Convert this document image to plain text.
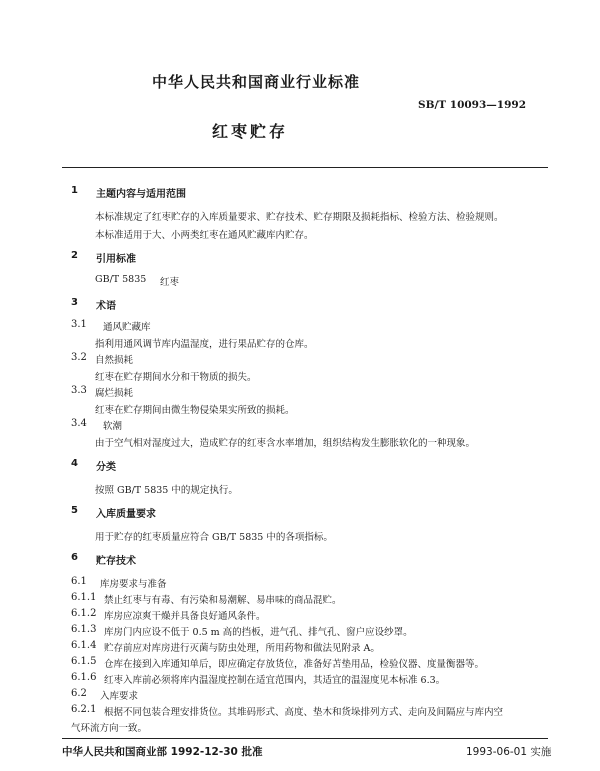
中华人民共和国商业行业标准
SB/T 10093—1992
红枣贮存
1 主题内容与适用范围
本标准规定了红枣贮存的入库质量要求、贮存技术、贮存期限及损耗指标、检验方法、检验规则。
本标准适用于大、小两类红枣在通风贮藏库内贮存。
2 引用标准
GB/T 5835 红枣
3 术语
3.1 通风贮藏库
指利用通风调节库内温湿度，进行果品贮存的仓库。
3.2 自然损耗
红枣在贮存期间水分和干物质的损失。
3.3 腐烂损耗
红枣在贮存期间由微生物侵染果实所致的损耗。
3.4 软潮
由于空气相对湿度过大，造成贮存的红枣含水率增加，组织结构发生膨胀软化的一种现象。
4 分类
按照 GB/T 5835 中的规定执行。
5 入库质量要求
用于贮存的红枣质量应符合 GB/T 5835 中的各项指标。
6 贮存技术
6.1 库房要求与准备
6.1.1 禁止红枣与有毒、有污染和易潮解、易串味的商品混贮。
6.1.2 库房应凉爽干燥并具备良好通风条件。
6.1.3 库房门内应设不低于 0.5 m 高的挡板，进气孔、排气孔、窗户应设纱罩。
6.1.4 贮存前应对库房进行灭菌与防虫处理，所用药物和做法见附录 A。
6.1.5 仓库在接到入库通知单后，即应确定存放货位，准备好苫垫用品，检验仪器、度量衡器等。
6.1.6 红枣入库前必须将库内温湿度控制在适宜范围内，其适宜的温湿度见本标准 6.3。
6.2 入库要求
6.2.1 根据不同包装合理安排货位。其堆码形式、高度、垫木和货垛排列方式、走向及间隔应与库内空
气环流方向一致。
中华人民共和国商业部 1992-12-30 批准	1993-06-01 实施
